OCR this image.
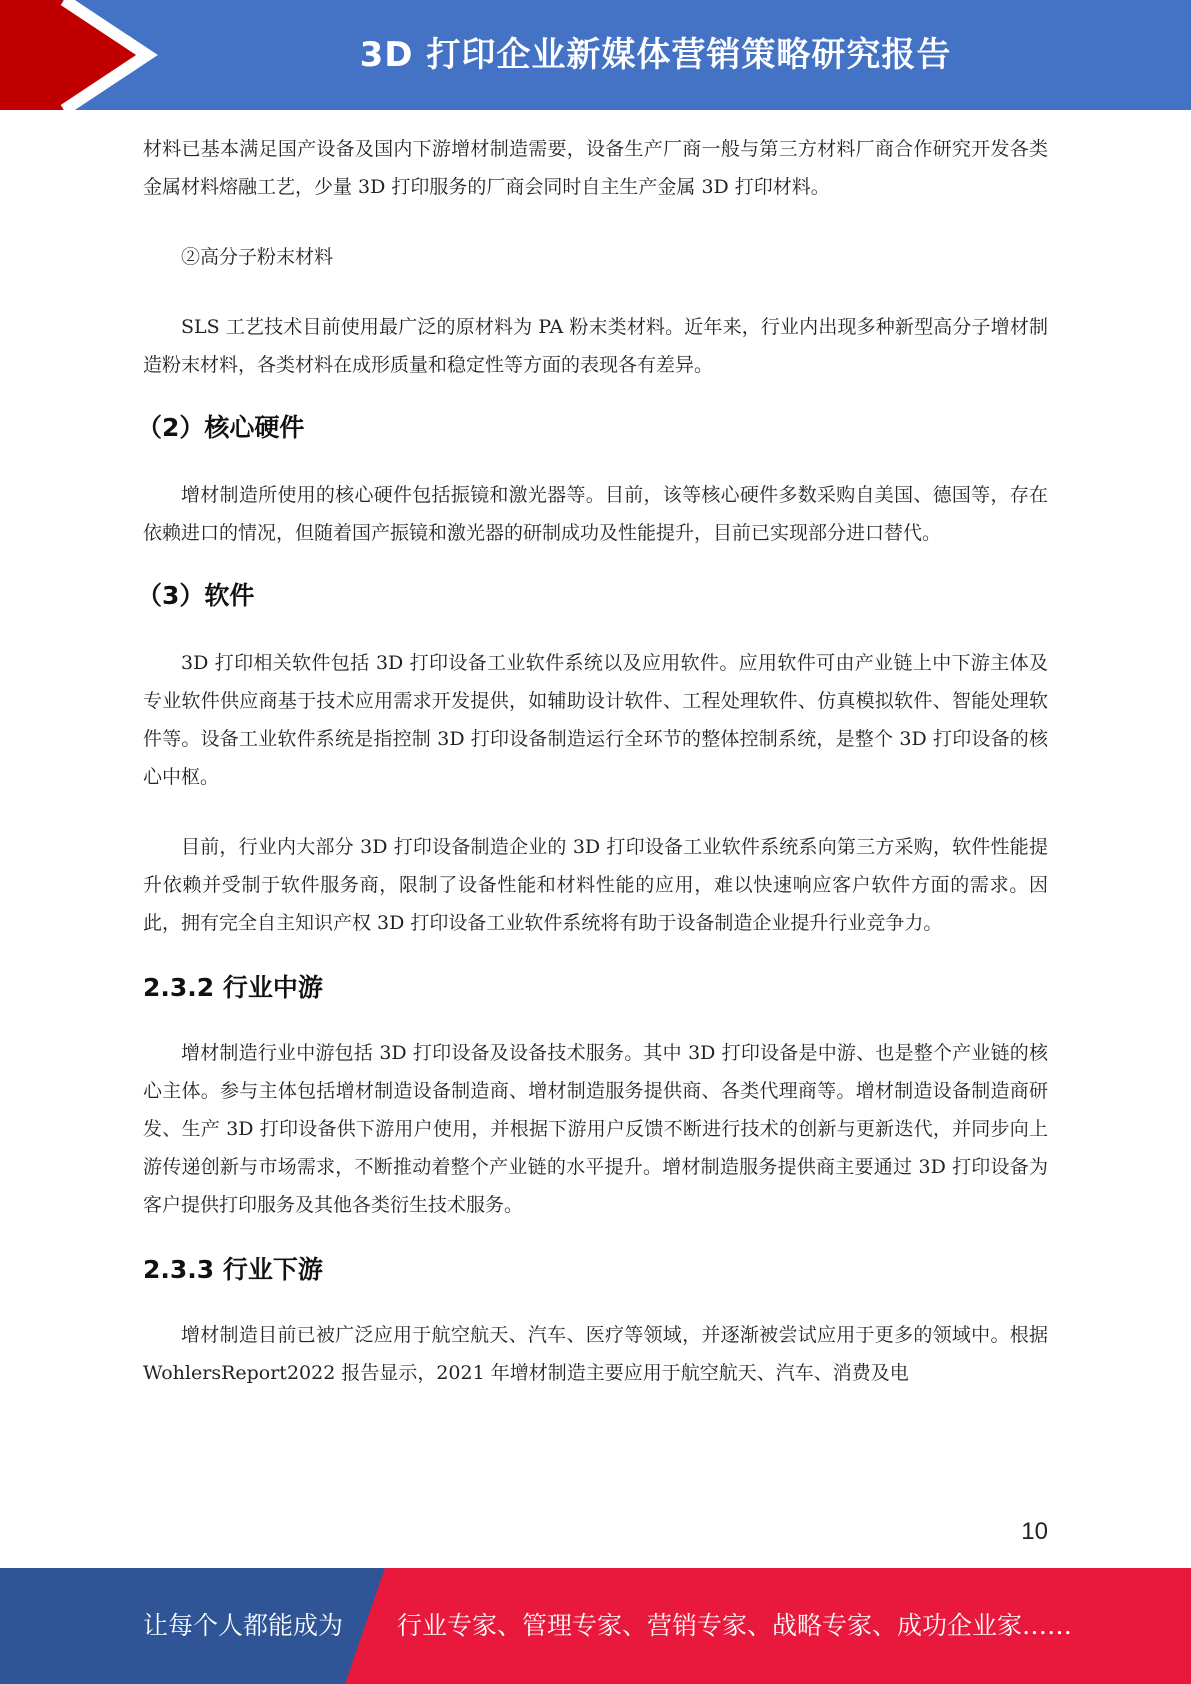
3D 打印企业新媒体营销策略研究报告

材料已基本满足国产设备及国内下游增材制造需要，设备生产厂商一般与第三方材料厂商合作研究开发各类金属材料熔融工艺，少量 3D 打印服务的厂商会同时自主生产金属 3D 打印材料。

②高分子粉末材料

SLS 工艺技术目前使用最广泛的原材料为 PA 粉末类材料。近年来，行业内出现多种新型高分子增材制造粉末材料，各类材料在成形质量和稳定性等方面的表现各有差异。

（2）核心硬件

增材制造所使用的核心硬件包括振镜和激光器等。目前，该等核心硬件多数采购自美国、德国等，存在依赖进口的情况，但随着国产振镜和激光器的研制成功及性能提升，目前已实现部分进口替代。

（3）软件

3D 打印相关软件包括 3D 打印设备工业软件系统以及应用软件。应用软件可由产业链上中下游主体及专业软件供应商基于技术应用需求开发提供，如辅助设计软件、工程处理软件、仿真模拟软件、智能处理软件等。设备工业软件系统是指控制 3D 打印设备制造运行全环节的整体控制系统，是整个 3D 打印设备的核心中枢。

目前，行业内大部分 3D 打印设备制造企业的 3D 打印设备工业软件系统系向第三方采购，软件性能提升依赖并受制于软件服务商，限制了设备性能和材料性能的应用，难以快速响应客户软件方面的需求。因此，拥有完全自主知识产权 3D 打印设备工业软件系统将有助于设备制造企业提升行业竞争力。

2.3.2 行业中游

增材制造行业中游包括 3D 打印设备及设备技术服务。其中 3D 打印设备是中游、也是整个产业链的核心主体。参与主体包括增材制造设备制造商、增材制造服务提供商、各类代理商等。增材制造设备制造商研发、生产 3D 打印设备供下游用户使用，并根据下游用户反馈不断进行技术的创新与更新迭代，并同步向上游传递创新与市场需求，不断推动着整个产业链的水平提升。增材制造服务提供商主要通过 3D 打印设备为客户提供打印服务及其他各类衍生技术服务。

2.3.3 行业下游

增材制造目前已被广泛应用于航空航天、汽车、医疗等领域，并逐渐被尝试应用于更多的领域中。根据 WohlersReport2022 报告显示，2021 年增材制造主要应用于航空航天、汽车、消费及电

10
让每个人都能成为 行业专家、管理专家、营销专家、战略专家、成功企业家……
